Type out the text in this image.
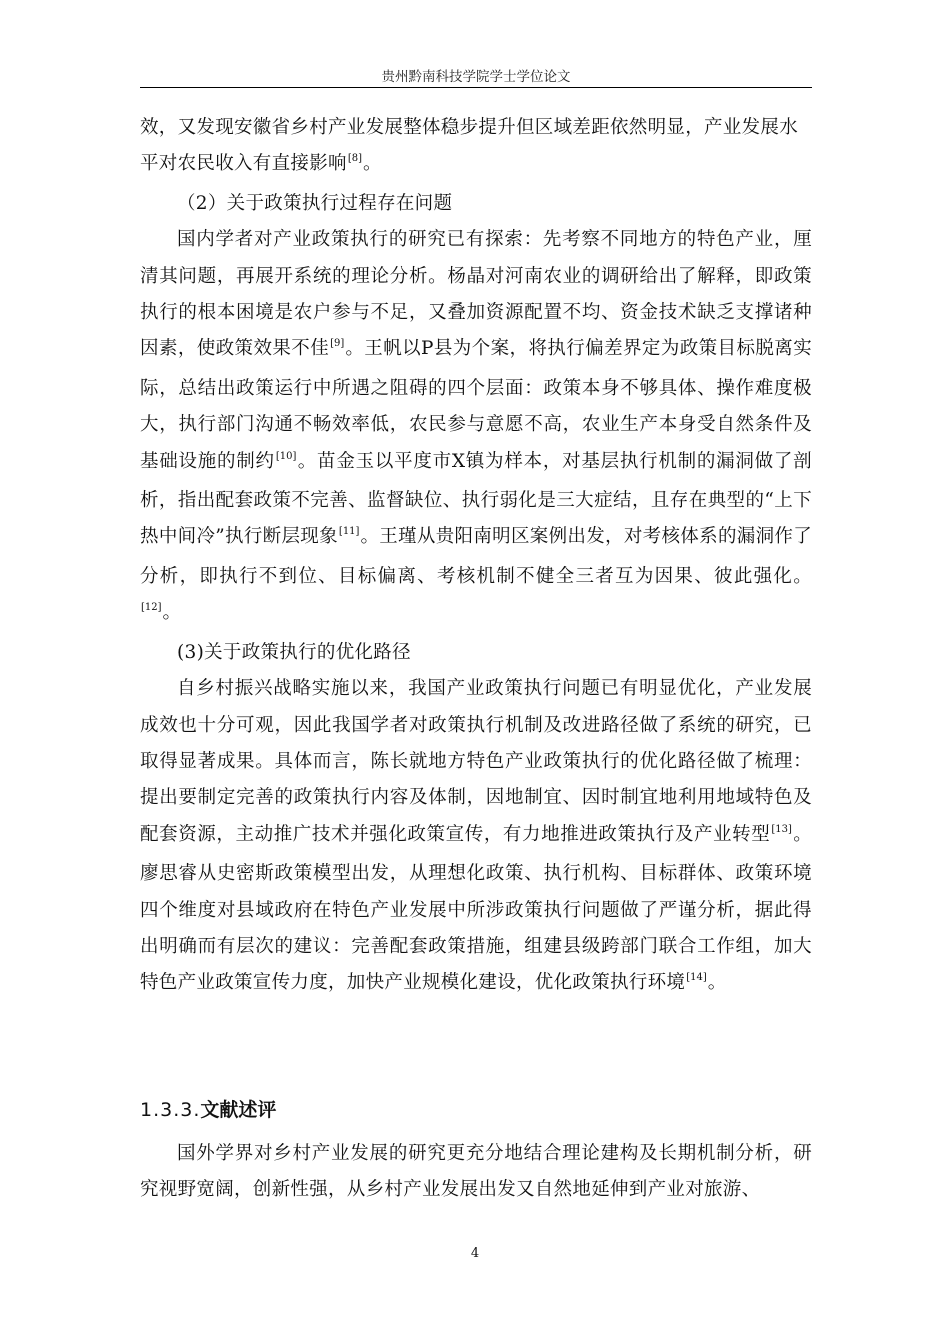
贵州黔南科技学院学士学位论文

效，又发现安徽省乡村产业发展整体稳步提升但区域差距依然明显，产业发展水平对农民收入有直接影响[8]。

（2）关于政策执行过程存在问题

国内学者对产业政策执行的研究已有探索：先考察不同地方的特色产业，厘清其问题，再展开系统的理论分析。杨晶对河南农业的调研给出了解释，即政策执行的根本困境是农户参与不足，又叠加资源配置不均、资金技术缺乏支撑诸种因素，使政策效果不佳[9]。王帆以P县为个案，将执行偏差界定为政策目标脱离实际，总结出政策运行中所遇之阻碍的四个层面：政策本身不够具体、操作难度极大，执行部门沟通不畅效率低，农民参与意愿不高，农业生产本身受自然条件及基础设施的制约[10]。苗金玉以平度市X镇为样本，对基层执行机制的漏洞做了剖析，指出配套政策不完善、监督缺位、执行弱化是三大症结，且存在典型的“上下热中间冷”执行断层现象[11]。王瑾从贵阳南明区案例出发，对考核体系的漏洞作了分析，即执行不到位、目标偏离、考核机制不健全三者互为因果、彼此强化。[12]。

(3)关于政策执行的优化路径

自乡村振兴战略实施以来，我国产业政策执行问题已有明显优化，产业发展成效也十分可观，因此我国学者对政策执行机制及改进路径做了系统的研究，已取得显著成果。具体而言，陈长就地方特色产业政策执行的优化路径做了梳理：提出要制定完善的政策执行内容及体制，因地制宜、因时制宜地利用地域特色及配套资源，主动推广技术并强化政策宣传，有力地推进政策执行及产业转型[13]。廖思睿从史密斯政策模型出发，从理想化政策、执行机构、目标群体、政策环境四个维度对县域政府在特色产业发展中所涉政策执行问题做了严谨分析，据此得出明确而有层次的建议：完善配套政策措施，组建县级跨部门联合工作组，加大特色产业政策宣传力度，加快产业规模化建设，优化政策执行环境[14]。

1.3.3.文献述评

国外学界对乡村产业发展的研究更充分地结合理论建构及长期机制分析，研究视野宽阔，创新性强，从乡村产业发展出发又自然地延伸到产业对旅游、

4
